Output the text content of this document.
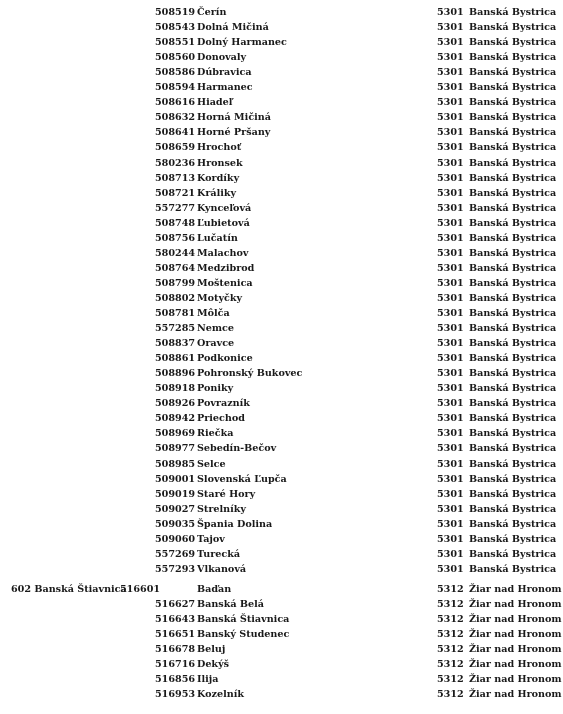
508519 Čerín	5301 Banská Bystrica
508543 Dolná Mičiná	5301 Banská Bystrica
508551 Dolný Harmanec	5301 Banská Bystrica
508560 Donovaly	5301 Banská Bystrica
508586 Dúbravica	5301 Banská Bystrica
508594 Harmanec	5301 Banská Bystrica
508616 Hiadeľ	5301 Banská Bystrica
508632 Horná Mičiná	5301 Banská Bystrica
508641 Horné Pršany	5301 Banská Bystrica
508659 Hrochoť	5301 Banská Bystrica
580236 Hronsek	5301 Banská Bystrica
508713 Kordíky	5301 Banská Bystrica
508721 Králiky	5301 Banská Bystrica
557277 Kynceľová	5301 Banská Bystrica
508748 Ľubietová	5301 Banská Bystrica
508756 Lučatín	5301 Banská Bystrica
580244 Malachov	5301 Banská Bystrica
508764 Medzibrod	5301 Banská Bystrica
508799 Moštenica	5301 Banská Bystrica
508802 Motyčky	5301 Banská Bystrica
508781 Môlča	5301 Banská Bystrica
557285 Nemce	5301 Banská Bystrica
508837 Oravce	5301 Banská Bystrica
508861 Podkonice	5301 Banská Bystrica
508896 Pohronský Bukovec	5301 Banská Bystrica
508918 Poniky	5301 Banská Bystrica
508926 Povrazník	5301 Banská Bystrica
508942 Priechod	5301 Banská Bystrica
508969 Riečka	5301 Banská Bystrica
508977 Sebedín-Bečov	5301 Banská Bystrica
508985 Selce	5301 Banská Bystrica
509001 Slovenská Ľupča	5301 Banská Bystrica
509019 Staré Hory	5301 Banská Bystrica
509027 Strelníky	5301 Banská Bystrica
509035 Špania Dolina	5301 Banská Bystrica
509060 Tajov	5301 Banská Bystrica
557269 Turecká	5301 Banská Bystrica
557293 Vlkanová	5301 Banská Bystrica
602 Banská Štiavnica
516601	Baďan	5312 Žiar nad Hronom
516627 Banská Belá	5312 Žiar nad Hronom
516643 Banská Štiavnica	5312 Žiar nad Hronom
516651 Banský Studenec	5312 Žiar nad Hronom
516678 Beluj	5312 Žiar nad Hronom
516716 Dekýš	5312 Žiar nad Hronom
516856 Ilija	5312 Žiar nad Hronom
516953 Kozelník	5312 Žiar nad Hronom
